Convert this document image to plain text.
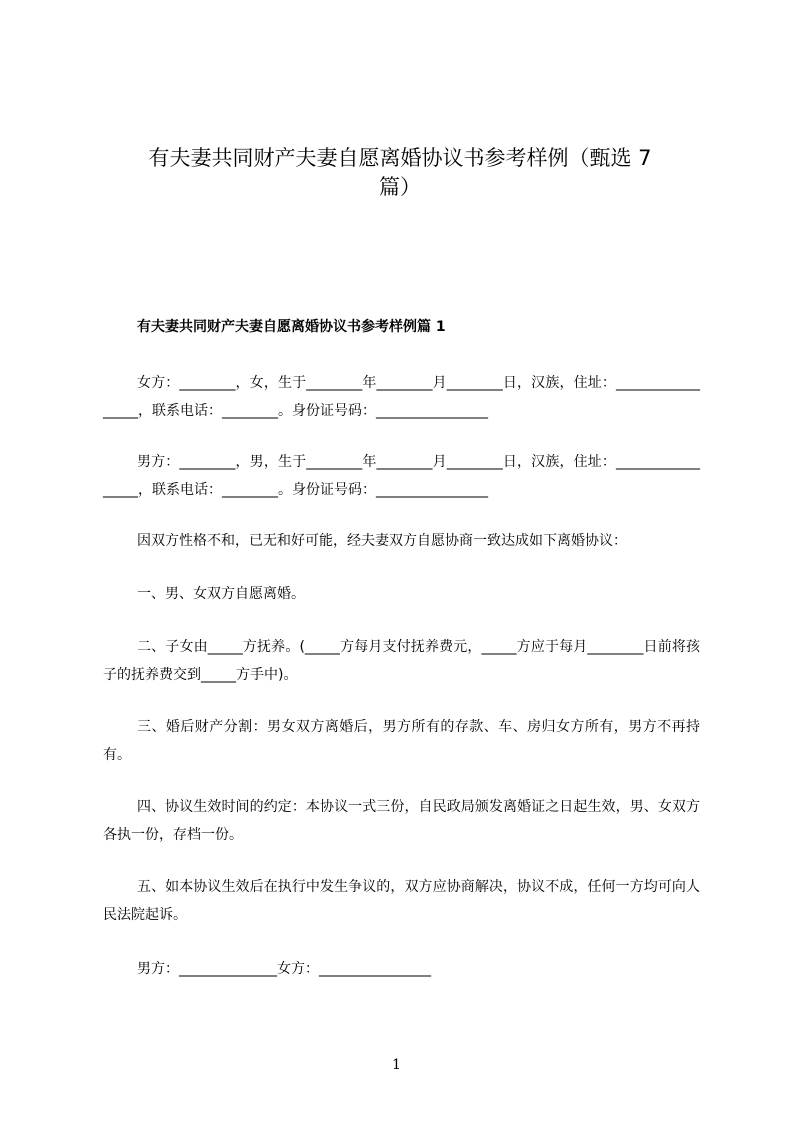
有夫妻共同财产夫妻自愿离婚协议书参考样例（甄选 7
篇）

有夫妻共同财产夫妻自愿离婚协议书参考样例篇 1

女方：________，女，生于________年________月________日，汉族，住址：_________________，联系电话：________。身份证号码：________________

男方：________，男，生于________年________月________日，汉族，住址：_________________，联系电话：________。身份证号码：________________

因双方性格不和，已无和好可能，经夫妻双方自愿协商一致达成如下离婚协议：

一、男、女双方自愿离婚。

二、子女由_____方抚养。(_____方每月支付抚养费元，_____方应于每月________日前将孩子的抚养费交到_____方手中)。

三、婚后财产分割：男女双方离婚后，男方所有的存款、车、房归女方所有，男方不再持有。

四、协议生效时间的约定：本协议一式三份，自民政局颁发离婚证之日起生效，男、女双方各执一份，存档一份。

五、如本协议生效后在执行中发生争议的，双方应协商解决，协议不成，任何一方均可向人民法院起诉。

男方：______________女方：________________

1
